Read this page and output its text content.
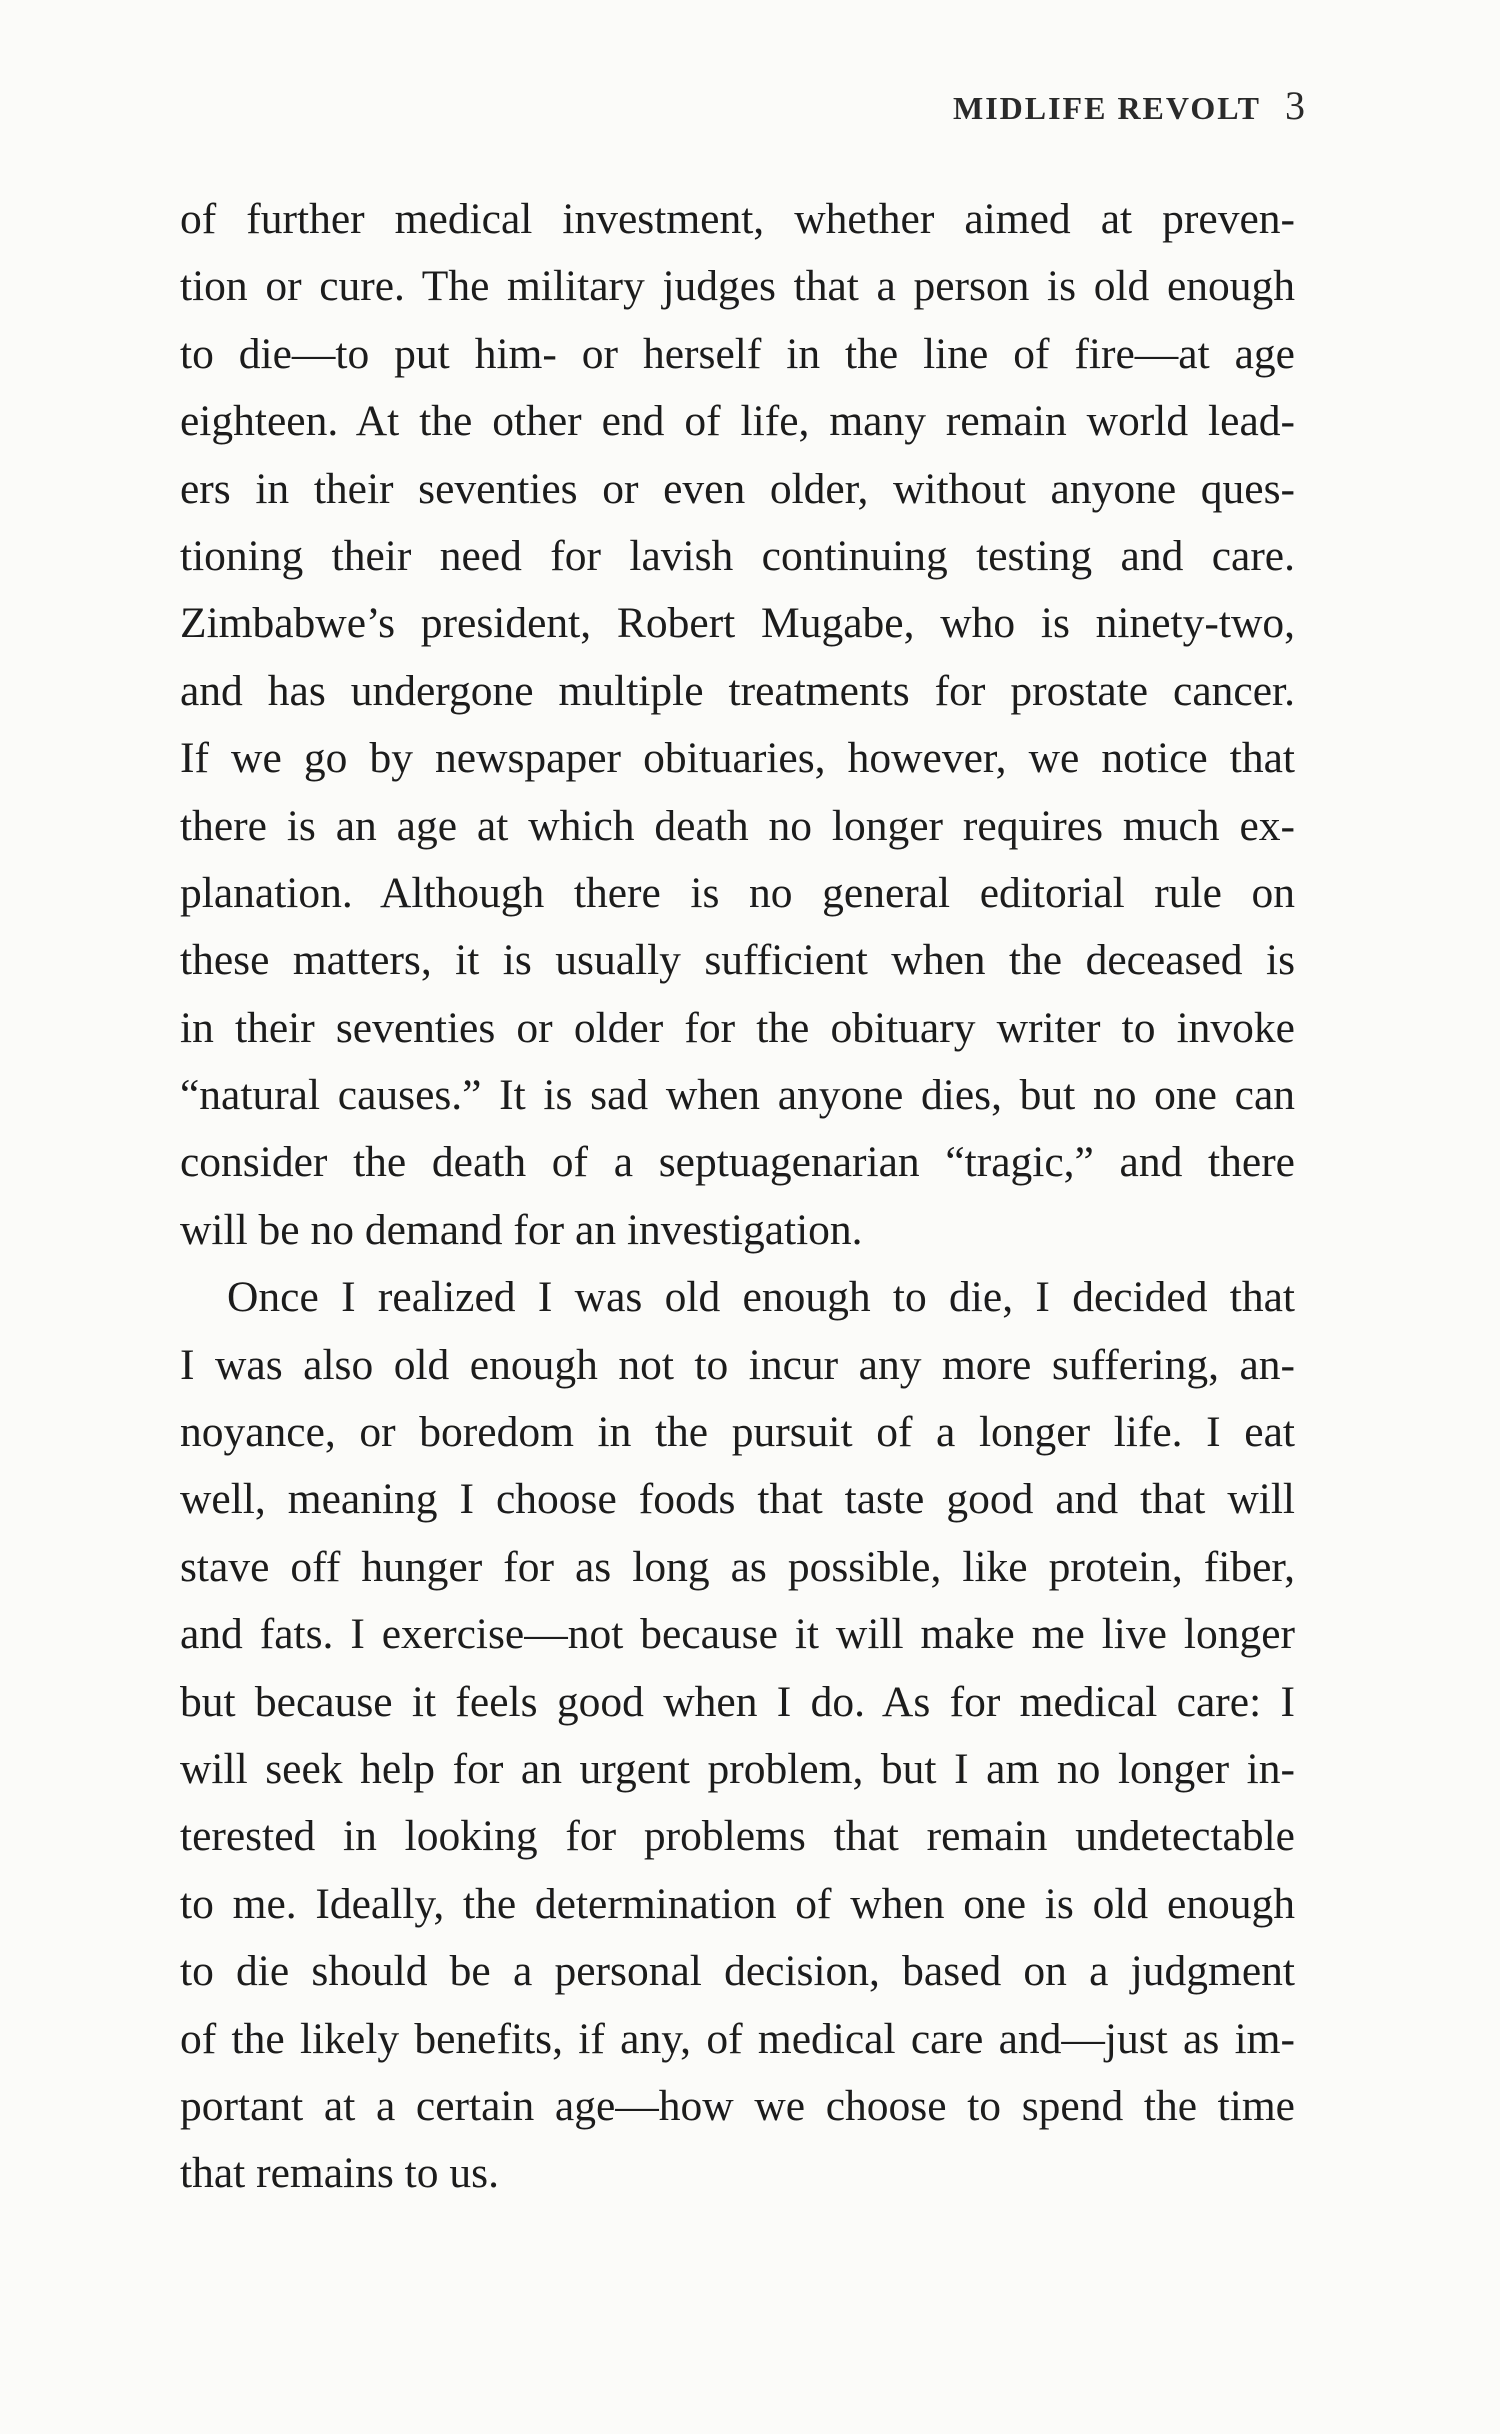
MIDLIFE REVOLT 3
of further medical investment, whether aimed at preven-
tion or cure. The military judges that a person is old enough
to die—to put him- or herself in the line of fire—at age
eighteen. At the other end of life, many remain world lead-
ers in their seventies or even older, without anyone ques-
tioning their need for lavish continuing testing and care.
Zimbabwe’s president, Robert Mugabe, who is ninety-two,
and has undergone multiple treatments for prostate cancer.
If we go by newspaper obituaries, however, we notice that
there is an age at which death no longer requires much ex-
planation. Although there is no general editorial rule on
these matters, it is usually sufficient when the deceased is
in their seventies or older for the obituary writer to invoke
“natural causes.” It is sad when anyone dies, but no one can
consider the death of a septuagenarian “tragic,” and there
will be no demand for an investigation.
Once I realized I was old enough to die, I decided that
I was also old enough not to incur any more suffering, an-
noyance, or boredom in the pursuit of a longer life. I eat
well, meaning I choose foods that taste good and that will
stave off hunger for as long as possible, like protein, fiber,
and fats. I exercise—not because it will make me live longer
but because it feels good when I do. As for medical care: I
will seek help for an urgent problem, but I am no longer in-
terested in looking for problems that remain undetectable
to me. Ideally, the determination of when one is old enough
to die should be a personal decision, based on a judgment
of the likely benefits, if any, of medical care and—just as im-
portant at a certain age—how we choose to spend the time
that remains to us.
